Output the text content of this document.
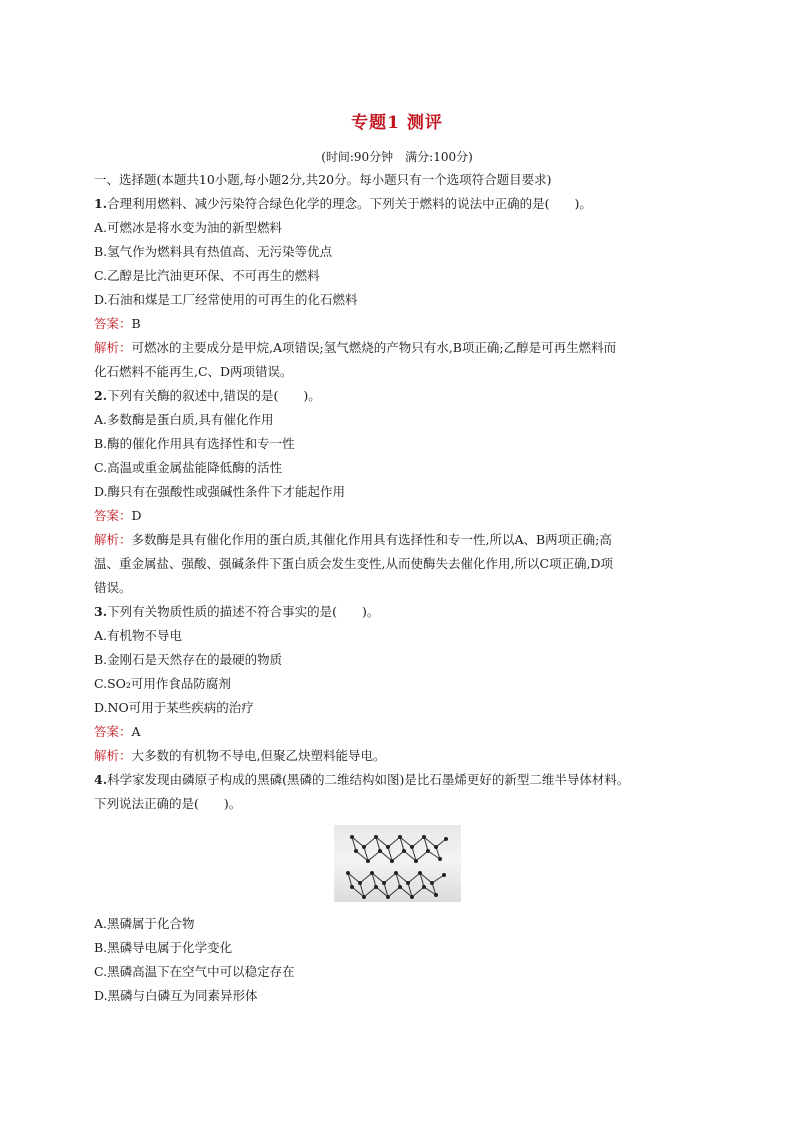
专题1 测评
(时间:90分钟　满分:100分)
一、选择题(本题共10小题,每小题2分,共20分。每小题只有一个选项符合题目要求)
1.合理利用燃料、减少污染符合绿色化学的理念。下列关于燃料的说法中正确的是(　　)。
A.可燃冰是将水变为油的新型燃料
B.氢气作为燃料具有热值高、无污染等优点
C.乙醇是比汽油更环保、不可再生的燃料
D.石油和煤是工厂经常使用的可再生的化石燃料
答案：B
解析：可燃冰的主要成分是甲烷,A项错误;氢气燃烧的产物只有水,B项正确;乙醇是可再生燃料而
化石燃料不能再生,C、D两项错误。
2.下列有关酶的叙述中,错误的是(　　)。
A.多数酶是蛋白质,具有催化作用
B.酶的催化作用具有选择性和专一性
C.高温或重金属盐能降低酶的活性
D.酶只有在强酸性或强碱性条件下才能起作用
答案：D
解析：多数酶是具有催化作用的蛋白质,其催化作用具有选择性和专一性,所以A、B两项正确;高
温、重金属盐、强酸、强碱条件下蛋白质会发生变性,从而使酶失去催化作用,所以C项正确,D项
错误。
3.下列有关物质性质的描述不符合事实的是(　　)。
A.有机物不导电
B.金刚石是天然存在的最硬的物质
C.SO₂可用作食品防腐剂
D.NO可用于某些疾病的治疗
答案：A
解析：大多数的有机物不导电,但聚乙炔塑料能导电。
4.科学家发现由磷原子构成的黑磷(黑磷的二维结构如图)是比石墨烯更好的新型二维半导体材料。
下列说法正确的是(　　)。
A.黑磷属于化合物
B.黑磷导电属于化学变化
C.黑磷高温下在空气中可以稳定存在
D.黑磷与白磷互为同素异形体
